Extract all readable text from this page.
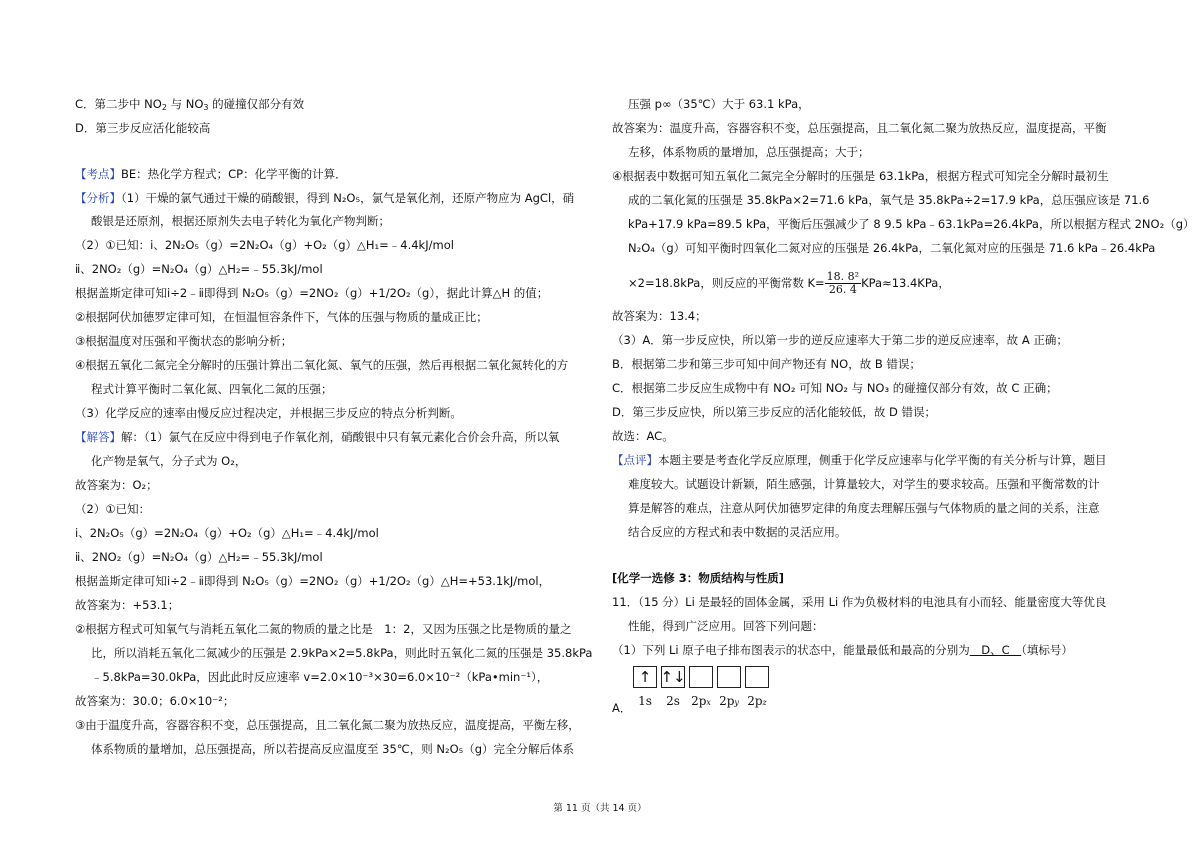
C．第二步中 $NO_2$ 与 $NO_3$ 的碰撞仅部分有效
D．第三步反应活化能较高
【考点】BE：热化学方程式；CP：化学平衡的计算．
【分析】（1）干燥的氯气通过干燥的硝酸银，得到 N₂O₅，氯气是氧化剂，还原产物应为 AgCl，硝
酸银是还原剂，根据还原剂失去电子转化为氧化产物判断；
（2）①已知：ⅰ、2N₂O₅（g）=2N₂O₄（g）+O₂（g）△H₁=﹣4.4kJ/mol
ⅱ、2NO₂（g）=N₂O₄（g）△H₂=﹣55.3kJ/mol
根据盖斯定律可知ⅰ÷2﹣ⅱ即得到 N₂O₅（g）=2NO₂（g）+1/2O₂（g），据此计算△H 的值；
②根据阿伏加德罗定律可知，在恒温恒容条件下，气体的压强与物质的量成正比；
③根据温度对压强和平衡状态的影响分析；
④根据五氧化二氮完全分解时的压强计算出二氧化氮、氧气的压强，然后再根据二氧化氮转化的方
程式计算平衡时二氧化氮、四氧化二氮的压强；
（3）化学反应的速率由慢反应过程决定，并根据三步反应的特点分析判断。
【解答】解：（1）氯气在反应中得到电子作氧化剂，硝酸银中只有氧元素化合价会升高，所以氧
化产物是氧气，分子式为 O₂，
故答案为：O₂；
（2）①已知：
ⅰ、2N₂O₅（g）=2N₂O₄（g）+O₂（g）△H₁=﹣4.4kJ/mol
ⅱ、2NO₂（g）=N₂O₄（g）△H₂=﹣55.3kJ/mol
根据盖斯定律可知ⅰ÷2﹣ⅱ即得到 N₂O₅（g）=2NO₂（g）+1/2O₂（g）△H=+53.1kJ/mol，
故答案为：+53.1；
②根据方程式可知氧气与消耗五氧化二氮的物质的量之比是　1：2，又因为压强之比是物质的量之
比，所以消耗五氧化二氮减少的压强是 2.9kPa×2=5.8kPa，则此时五氧化二氮的压强是 35.8kPa
﹣5.8kPa=30.0kPa，因此此时反应速率 v=2.0×10⁻³×30=6.0×10⁻²（kPa•min⁻¹），
故答案为：30.0；6.0×10⁻²；
③由于温度升高，容器容积不变，总压强提高，且二氧化氮二聚为放热反应，温度提高，平衡左移，
体系物质的量增加，总压强提高，所以若提高反应温度至 35℃，则 N₂O₅（g）完全分解后体系
压强 p∞（35℃）大于 63.1 kPa，
故答案为：温度升高，容器容积不变，总压强提高，且二氧化氮二聚为放热反应，温度提高，平衡
左移，体系物质的量增加，总压强提高；大于；
④根据表中数据可知五氧化二氮完全分解时的压强是 63.1kPa，根据方程式可知完全分解时最初生
成的二氧化氮的压强是 35.8kPa×2=71.6 kPa，氧气是 35.8kPa÷2=17.9 kPa，总压强应该是 71.6
kPa+17.9 kPa=89.5 kPa，平衡后压强减少了 8 9.5 kPa﹣63.1kPa=26.4kPa，所以根据方程式 2NO₂（g）
N₂O₄（g）可知平衡时四氧化二氮对应的压强是 26.4kPa，二氧化氮对应的压强是 71.6 kPa﹣26.4kPa
×2=18.8kPa，则反应的平衡常数 $K= \frac{\text{18. 8²}}{26. 4} KPa\approx 13.4KPa$，
故答案为：13.4；
（3）A．第一步反应快，所以第一步的逆反应速率大于第二步的逆反应速率，故 A 正确；
B．根据第二步和第三步可知中间产物还有 NO，故 B 错误；
C．根据第二步反应生成物中有 NO₂ 可知 NO₂ 与 NO₃ 的碰撞仅部分有效，故 C 正确；
D．第三步反应快，所以第三步反应的活化能较低，故 D 错误；
故选：AC。
【点评】本题主要是考查化学反应原理，侧重于化学反应速率与化学平衡的有关分析与计算，题目
难度较大。试题设计新颖，陌生感强，计算量较大，对学生的要求较高。压强和平衡常数的计
算是解答的难点，注意从阿伏加德罗定律的角度去理解压强与气体物质的量之间的关系，注意
结合反应的方程式和表中数据的灵活应用。
[化学一选修 3：物质结构与性质]
11．（15 分）Li 是最轻的固体金属，采用 Li 作为负极材料的电池具有小而轻、能量密度大等优良
性能，得到广泛应用。回答下列问题：
（1）下列 Li 原子电子排布图表示的状态中，能量最低和最高的分别为　D、C　（填标号）
A．
↑ ↑↓
1s	2s 2px 2py 2pz
第 11 页（共 14 页）
